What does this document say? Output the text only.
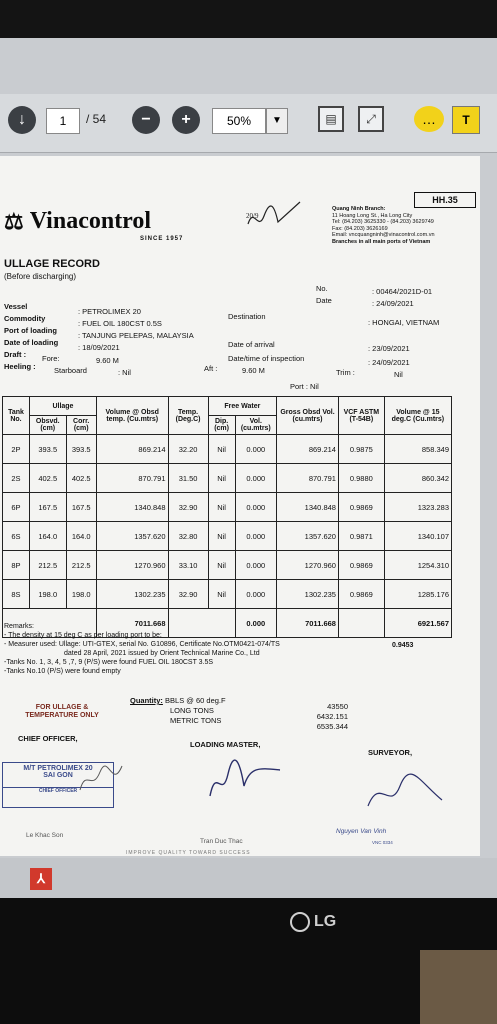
↓	1	/ 54	−	+	50%	▼	▤	⤢	…	T
⚖ Vinacontrol
SINCE 1957
20/9
HH.35
Quang Ninh Branch:
11 Hoang Long St., Ha Long City
Tel: (84.203) 3625330 - (84.203) 3629749
Fax: (84.203) 3626169
Email: vncquangninh@vinacontrol.com.vn
Branches in all main ports of Vietnam
ULLAGE RECORD
(Before discharging)
No.	: 00464/2021D-01
Date	: 24/09/2021
Vessel
: PETROLIMEX 20
Commodity
: FUEL OIL 180CST 0.5S
Port of loading
: TANJUNG PELEPAS, MALAYSIA
Date of loading
: 18/09/2021
Destination
: HONGAI, VIETNAM
Date of arrival	: 23/09/2021
Date/time of inspection	: 24/09/2021
Draft : Fore:	9.60 M
Aft :	9.60 M	Trim :	Nil
Heeling : Starboard	: Nil
Port : Nil
Tank No.	Ullage		Volume @ Obsd temp. (Cu.mtrs)	Temp. (Deg.C)	Free Water		Gross Obsd Vol. (cu.mtrs)	VCF ASTM (T-54B)	Volume @ 15 deg.C (Cu.mtrs)
	Obsvd. (cm)	Corr. (cm)			Dip. (cm)	Vol. (cu.mtrs)			
2P	393.5	393.5	869.214	32.20	Nil	0.000	869.214	0.9875	858.349
2S	402.5	402.5	870.791	31.50	Nil	0.000	870.791	0.9880	860.342
6P	167.5	167.5	1340.848	32.90	Nil	0.000	1340.848	0.9869	1323.283
6S	164.0	164.0	1357.620	32.80	Nil	0.000	1357.620	0.9871	1340.107
8P	212.5	212.5	1270.960	33.10	Nil	0.000	1270.960	0.9869	1254.310
8S	198.0	198.0	1302.235	32.90	Nil	0.000	1302.235	0.9869	1285.176
			7011.668			0.000	7011.668		6921.567
Remarks:
- The density at 15 deg C as per loading port to be:
- Measurer used: Ullage: UTI-GTEX, serial No. G10896, Certificate No.OTM0421-074/TS
dated 28 April, 2021 issued by Orient Technical Marine Co., Ltd
-Tanks No. 1, 3, 4, 5 ,7, 9 (P/S) were found FUEL OIL 180CST 3.5S
-Tanks No.10 (P/S) were found empty
0.9453
FOR ULLAGE & TEMPERATURE ONLY
Quantity: BBLS @ 60 deg.F
LONG TONS
METRIC TONS
43550
6432.151
6535.344
CHIEF OFFICER,
LOADING MASTER,
SURVEYOR,
M/T PETROLIMEX 20
SAI GON
CHIEF OFFICER
Le Khac Son
Tran Duc Thac
IMPROVE QUALITY TOWARD SUCCESS
Nguyen Van Vinh
VNC 0334
⅄
LG
